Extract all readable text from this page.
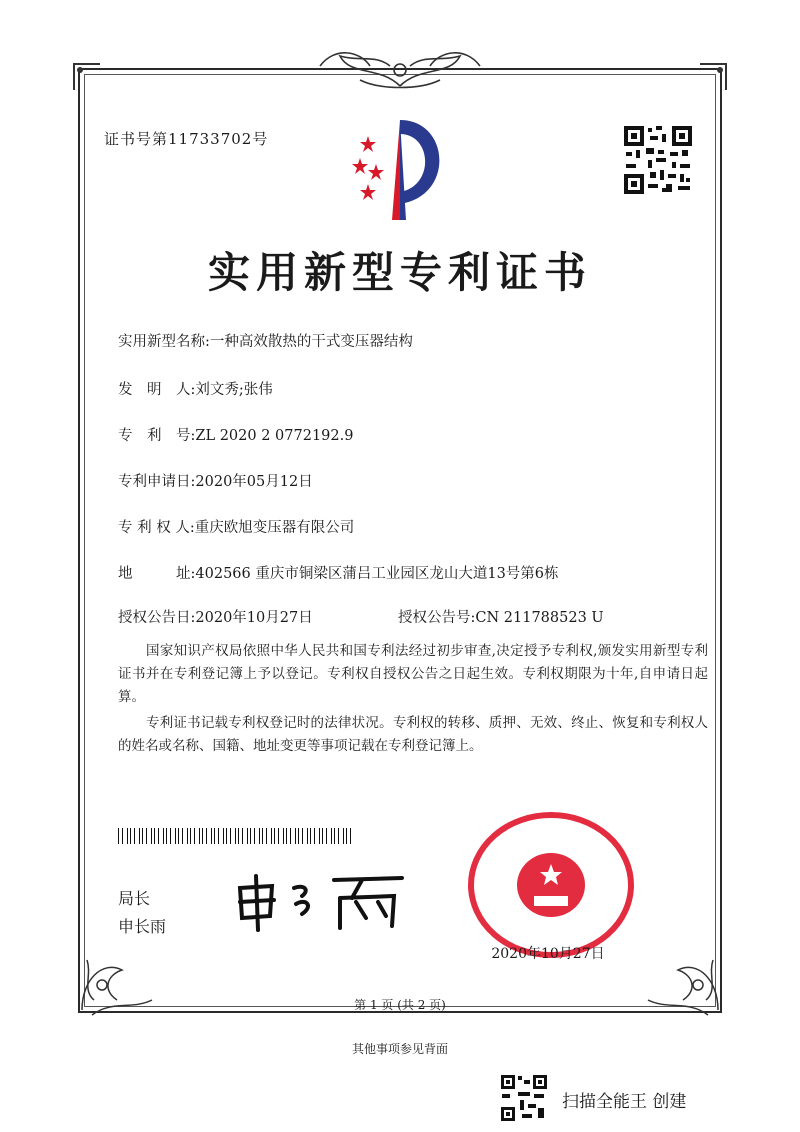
证书号第11733702号
实用新型专利证书
实用新型名称:一种高效散热的干式变压器结构
发　明　人:刘文秀;张伟
专　利　号:ZL 2020 2 0772192.9
专利申请日:2020年05月12日
专 利 权 人:重庆欧旭变压器有限公司
地　　　址:402566 重庆市铜梁区蒲吕工业园区龙山大道13号第6栋
授权公告日:2020年10月27日	授权公告号:CN 211788523 U
国家知识产权局依照中华人民共和国专利法经过初步审查,决定授予专利权,颁发实用新型专利证书并在专利登记簿上予以登记。专利权自授权公告之日起生效。专利权期限为十年,自申请日起算。
专利证书记载专利权登记时的法律状况。专利权的转移、质押、无效、终止、恢复和专利权人的姓名或名称、国籍、地址变更等事项记载在专利登记簿上。
局长
申长雨
2020年10月27日
第 1 页 (共 2 页)
其他事项参见背面
扫描全能王 创建
